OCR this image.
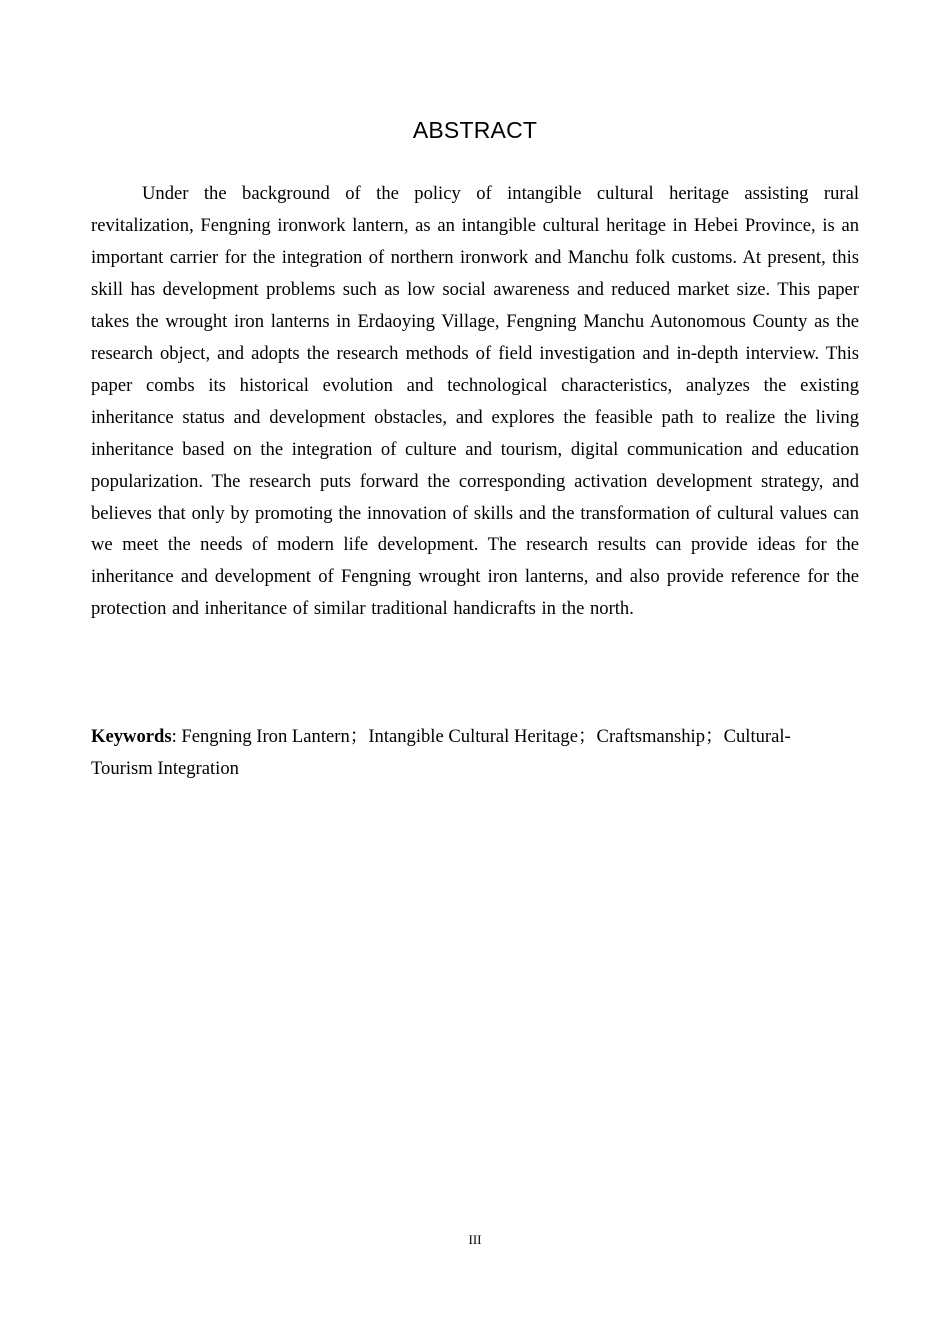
ABSTRACT

Under the background of the policy of intangible cultural heritage assisting rural revitalization, Fengning ironwork lantern, as an intangible cultural heritage in Hebei Province, is an important carrier for the integration of northern ironwork and Manchu folk customs. At present, this skill has development problems such as low social awareness and reduced market size. This paper takes the wrought iron lanterns in Erdaoying Village, Fengning Manchu Autonomous County as the research object, and adopts the research methods of field investigation and in-depth interview. This paper combs its historical evolution and technological characteristics, analyzes the existing inheritance status and development obstacles, and explores the feasible path to realize the living inheritance based on the integration of culture and tourism, digital communication and education popularization. The research puts forward the corresponding activation development strategy, and believes that only by promoting the innovation of skills and the transformation of cultural values can we meet the needs of modern life development. The research results can provide ideas for the inheritance and development of Fengning wrought iron lanterns, and also provide reference for the protection and inheritance of similar traditional handicrafts in the north.

Keywords: Fengning Iron Lantern；Intangible Cultural Heritage；Craftsmanship；Cultural-Tourism Integration

III
